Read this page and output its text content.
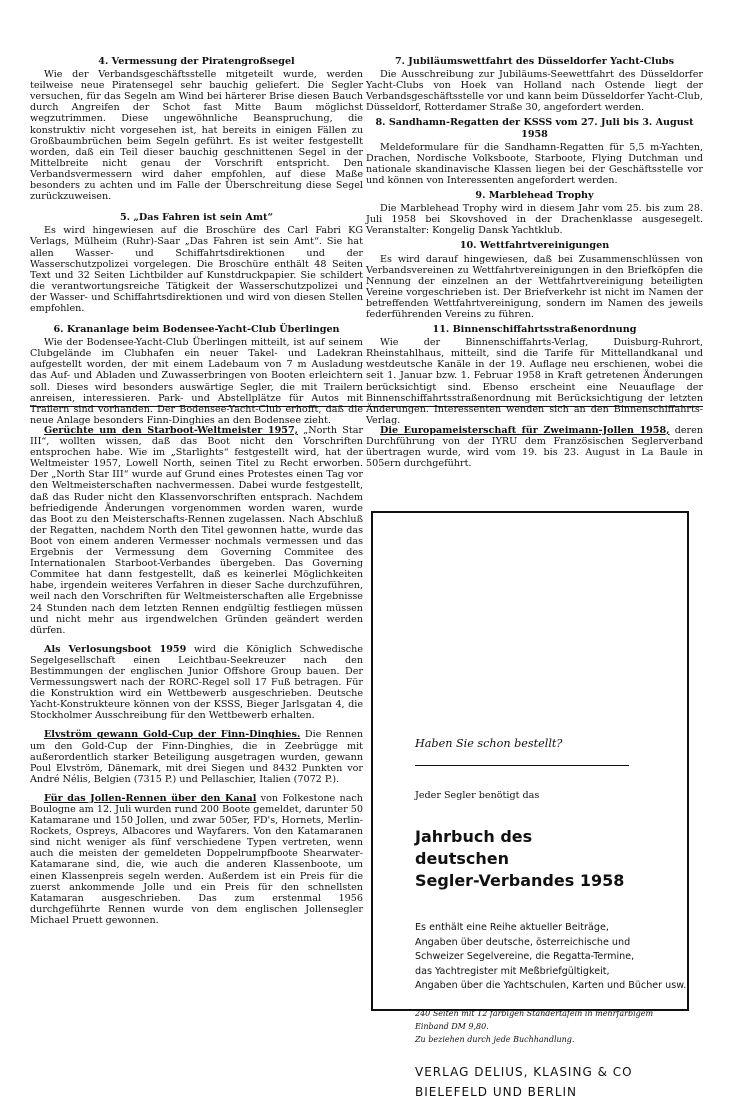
4. Vermessung der Piratengroßsegel
Wie der Verbandsgeschäftsstelle mitgeteilt wurde, werden teilweise neue Piratensegel sehr bauchig geliefert. Die Segler versuchen, für das Segeln am Wind bei härterer Brise diesen Bauch durch Angreifen der Schot fast Mitte Baum möglichst wegzutrimmen. Diese ungewöhnliche Beanspruchung, die konstruktiv nicht vorgesehen ist, hat bereits in einigen Fällen zu Großbaumbrüchen beim Segeln geführt. Es ist weiter festgestellt worden, daß ein Teil dieser bauchig geschnittenen Segel in der Mittelbreite nicht genau der Vorschrift entspricht. Den Verbandsvermessern wird daher empfohlen, auf diese Maße besonders zu achten und im Falle der Überschreitung diese Segel zurückzuweisen.
5. „Das Fahren ist sein Amt“
Es wird hingewiesen auf die Broschüre des Carl Fabri KG Verlags, Mülheim (Ruhr)-Saar „Das Fahren ist sein Amt“. Sie hat allen Wasser- und Schiffahrtsdirektionen und der Wasserschutzpolizei vorgelegen. Die Broschüre enthält 48 Seiten Text und 32 Seiten Lichtbilder auf Kunstdruckpapier. Sie schildert die verantwortungsreiche Tätigkeit der Wasserschutzpolizei und der Wasser- und Schiffahrtsdirektionen und wird von diesen Stellen empfohlen.
6. Krananlage beim Bodensee-Yacht-Club Überlingen
Wie der Bodensee-Yacht-Club Überlingen mitteilt, ist auf seinem Clubgelände im Clubhafen ein neuer Takel- und Ladekran aufgestellt worden, der mit einem Ladebaum von 7 m Ausladung das Auf- und Abladen und Zuwasserbringen von Booten erleichtern soll. Dieses wird besonders auswärtige Segler, die mit Trailern anreisen, interessieren. Park- und Abstellplätze für Autos mit Trailern sind vorhanden. Der Bodensee-Yacht-Club erhofft, daß die neue Anlage besonders Finn-Dinghies an den Bodensee zieht.
7. Jubiläumswettfahrt des Düsseldorfer Yacht-Clubs
Die Ausschreibung zur Jubiläums-Seewettfahrt des Düsseldorfer Yacht-Clubs von Hoek van Holland nach Ostende liegt der Verbandsgeschäftsstelle vor und kann beim Düsseldorfer Yacht-Club, Düsseldorf, Rotterdamer Straße 30, angefordert werden.
8. Sandhamn-Regatten der KSSS vom 27. Juli bis 3. August 1958
Meldeformulare für die Sandhamn-Regatten für 5,5 m-Yachten, Drachen, Nordische Volksboote, Starboote, Flying Dutchman und nationale skandinavische Klassen liegen bei der Geschäftsstelle vor und können von Interessenten angefordert werden.
9. Marblehead Trophy
Die Marblehead Trophy wird in diesem Jahr vom 25. bis zum 28. Juli 1958 bei Skovshoved in der Drachenklasse ausgesegelt. Veranstalter: Kongelig Dansk Yachtklub.
10. Wettfahrtvereinigungen
Es wird darauf hingewiesen, daß bei Zusammenschlüssen von Verbandsvereinen zu Wettfahrtvereinigungen in den Briefköpfen die Nennung der einzelnen an der Wettfahrtvereinigung beteiligten Vereine vorgeschrieben ist. Der Briefverkehr ist nicht im Namen der betreffenden Wettfahrtvereinigung, sondern im Namen des jeweils federführenden Vereins zu führen.
11. Binnenschiffahrtsstraßenordnung
Wie der Binnenschiffahrts-Verlag, Duisburg-Ruhrort, Rheinstahlhaus, mitteilt, sind die Tarife für Mittellandkanal und westdeutsche Kanäle in der 19. Auflage neu erschienen, wobei die seit 1. Januar bzw. 1. Februar 1958 in Kraft getretenen Änderungen berücksichtigt sind. Ebenso erscheint eine Neuauflage der Binnenschiffahrtsstraßenordnung mit Berücksichtigung der letzten Änderungen. Interessenten wenden sich an den Binnenschiffahrts-Verlag.
Gerüchte um den Starboot-Weltmeister 1957, „North Star III“, wollten wissen, daß das Boot nicht den Vorschriften entsprochen habe. Wie im „Starlights“ festgestellt wird, hat der Weltmeister 1957, Lowell North, seinen Titel zu Recht erworben. Der „North Star III“ wurde auf Grund eines Protestes einen Tag vor den Weltmeisterschaften nachvermessen. Dabei wurde festgestellt, daß das Ruder nicht den Klassenvorschriften entsprach. Nachdem befriedigende Änderungen vorgenommen worden waren, wurde das Boot zu den Meisterschafts-Rennen zugelassen. Nach Abschluß der Regatten, nachdem North den Titel gewonnen hatte, wurde das Boot von einem anderen Vermesser nochmals vermessen und das Ergebnis der Vermessung dem Governing Commitee des Internationalen Starboot-Verbandes übergeben. Das Governing Commitee hat dann festgestellt, daß es keinerlei Möglichkeiten habe, irgendein weiteres Verfahren in dieser Sache durchzuführen, weil nach den Vorschriften für Weltmeisterschaften alle Ergebnisse 24 Stunden nach dem letzten Rennen endgültig festliegen müssen und nicht mehr aus irgendwelchen Gründen geändert werden dürfen.
Als Verlosungsboot 1959 wird die Königlich Schwedische Segelgesellschaft einen Leichtbau-Seekreuzer nach den Bestimmungen der englischen Junior Offshore Group bauen. Der Vermessungswert nach der RORC-Regel soll 17 Fuß betragen. Für die Konstruktion wird ein Wettbewerb ausgeschrieben. Deutsche Yacht-Konstrukteure können von der KSSS, Bieger Jarlsgatan 4, die Stockholmer Ausschreibung für den Wettbewerb erhalten.
Elvström gewann Gold-Cup der Finn-Dinghies. Die Rennen um den Gold-Cup der Finn-Dinghies, die in Zeebrügge mit außerordentlich starker Beteiligung ausgetragen wurden, gewann Poul Elvström, Dänemark, mit drei Siegen und 8432 Punkten vor André Nélis, Belgien (7315 P.) und Pellaschier, Italien (7072 P.).
Für das Jollen-Rennen über den Kanal von Folkestone nach Boulogne am 12. Juli wurden rund 200 Boote gemeldet, darunter 50 Katamarane und 150 Jollen, und zwar 505er, FD's, Hornets, Merlin-Rockets, Ospreys, Albacores und Wayfarers. Von den Katamaranen sind nicht weniger als fünf verschiedene Typen vertreten, wenn auch die meisten der gemeldeten Doppelrumpfboote Shearwater-Katamarane sind, die, wie auch die anderen Klassenboote, um einen Klassenpreis segeln werden. Außerdem ist ein Preis für die zuerst ankommende Jolle und ein Preis für den schnellsten Katamaran ausgeschrieben. Das zum erstenmal 1956 durchgeführte Rennen wurde von dem englischen Jollensegler Michael Pruett gewonnen.
Die Europameisterschaft für Zweimann-Jollen 1958, deren Durchführung von der IYRU dem Französischen Seglerverband übertragen wurde, wird vom 19. bis 23. August in La Baule in 505ern durchgeführt.
Haben Sie schon bestellt?
Jeder Segler benötigt das
Jahrbuch des
deutschen
Segler-Verbandes 1958
Es enthält eine Reihe aktueller Beiträge,
Angaben über deutsche, österreichische und
Schweizer Segelvereine, die Regatta-Termine,
das Yachtregister mit Meßbriefgültigkeit,
Angaben über die Yachtschulen, Karten und Bücher usw.
240 Seiten mit 12 farbigen Standertafeln in mehrfarbigem
Einband DM 9,80.
Zu beziehen durch jede Buchhandlung.
VERLAG DELIUS, KLASING & CO
BIELEFELD UND BERLIN
